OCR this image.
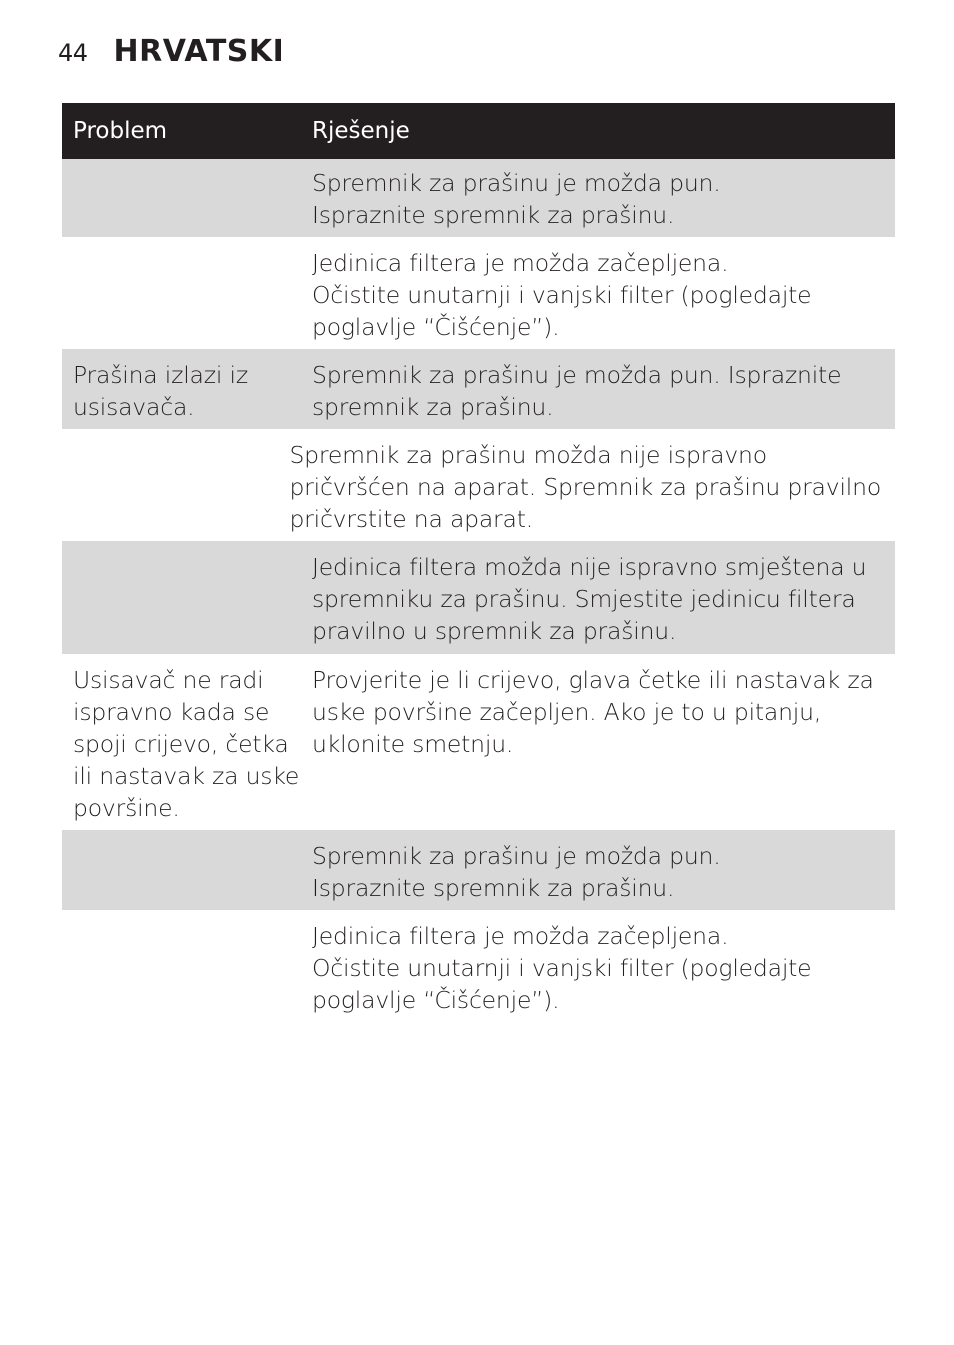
44 HRVATSKI
Problem	Rješenje
Spremnik za prašinu je možda pun.
Ispraznite spremnik za prašinu.
Jedinica filtera je možda začepljena.
Očistite unutarnji i vanjski filter (pogledajte
poglavlje “Čišćenje”).
Prašina izlazi iz
usisavača.
Spremnik za prašinu je možda pun. Ispraznite
spremnik za prašinu.
Spremnik za prašinu možda nije ispravno
pričvršćen na aparat. Spremnik za prašinu pravilno
pričvrstite na aparat.
Jedinica filtera možda nije ispravno smještena u
spremniku za prašinu. Smjestite jedinicu filtera
pravilno u spremnik za prašinu.
Usisavač ne radi
ispravno kada se
spoji crijevo, četka
ili nastavak za uske
površine.
Provjerite je li crijevo, glava četke ili nastavak za
uske površine začepljen. Ako je to u pitanju,
uklonite smetnju.
Spremnik za prašinu je možda pun.
Ispraznite spremnik za prašinu.
Jedinica filtera je možda začepljena.
Očistite unutarnji i vanjski filter (pogledajte
poglavlje “Čišćenje”).
